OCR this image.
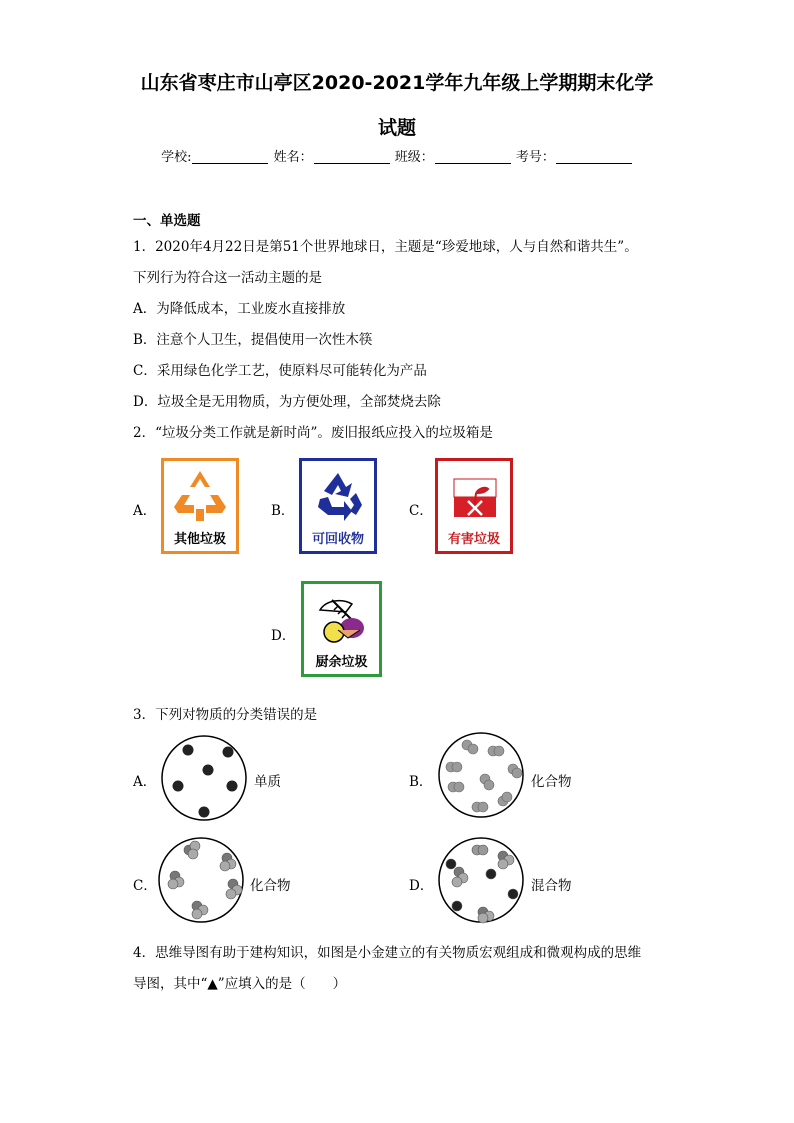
山东省枣庄市山亭区2020-2021学年九年级上学期期末化学
试题
学校:	姓名：	班级：	考号：
一、单选题
1．2020年4月22日是第51个世界地球日，主题是“珍爱地球，人与自然和谐共生”。
下列行为符合这一活动主题的是
A．为降低成本，工业废水直接排放
B．注意个人卫生，提倡使用一次性木筷
C．采用绿色化学工艺，使原料尽可能转化为产品
D．垃圾全是无用物质，为方便处理，全部焚烧去除
2．“垃圾分类工作就是新时尚”。废旧报纸应投入的垃圾箱是
A．
其他垃圾
B．
可回收物
C．
有害垃圾
D．
厨余垃圾
3．下列对物质的分类错误的是
A．	单质	B．	化合物
C．	化合物	D．	混合物
4．思维导图有助于建构知识，如图是小金建立的有关物质宏观组成和微观构成的思维
导图，其中“▲”应填入的是（　　）
